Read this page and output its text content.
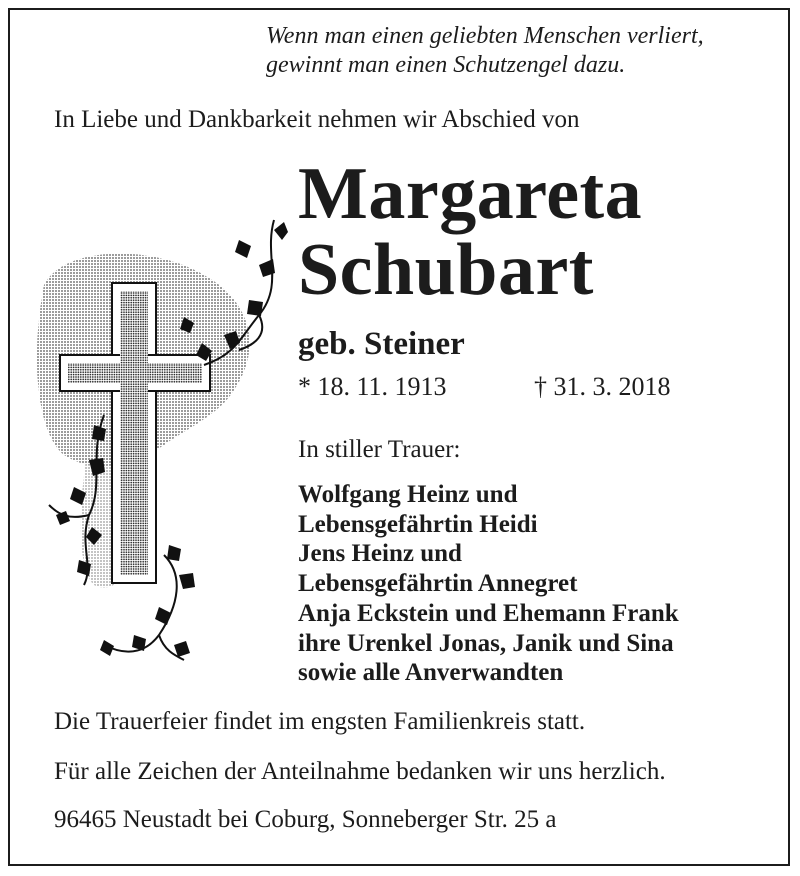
Wenn man einen geliebten Menschen verliert,
gewinnt man einen Schutzengel dazu.
In Liebe und Dankbarkeit nehmen wir Abschied von
Margareta
Schubart
geb. Steiner
* 18. 11. 1913	† 31. 3. 2018
In stiller Trauer:
Wolfgang Heinz und
Lebensgefährtin Heidi
Jens Heinz und
Lebensgefährtin Annegret
Anja Eckstein und Ehemann Frank
ihre Urenkel Jonas, Janik und Sina
sowie alle Anverwandten
Die Trauerfeier findet im engsten Familienkreis statt.
Für alle Zeichen der Anteilnahme bedanken wir uns herzlich.
96465 Neustadt bei Coburg, Sonneberger Str. 25 a
